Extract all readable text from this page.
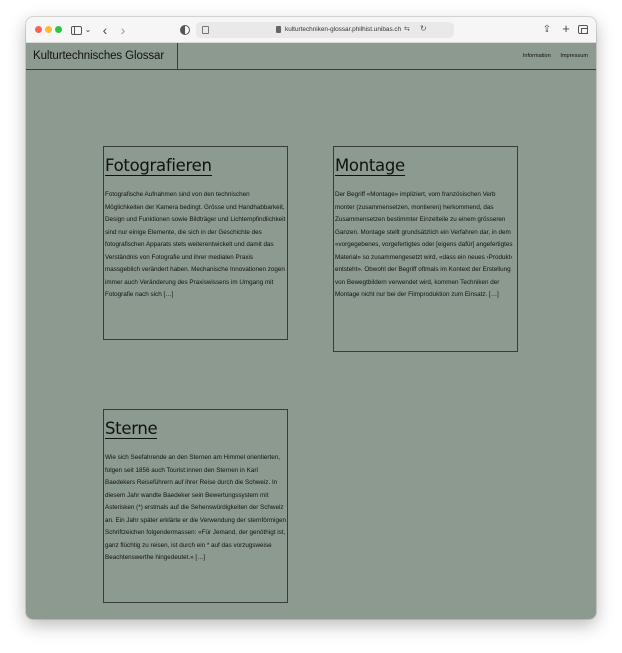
⌄ ‹ ›	kulturtechniken-glossar.philhist.unibas.ch ⇆ ↻	⇪ +
Kulturtechnisches Glossar	Information Impressum
Fotografieren

Fotografische Aufnahmen sind von den technischen Möglichkeiten der Kamera bedingt. Grösse und Handhabbarkeit, Design und Funktionen sowie Bildträger und Lichtempfindlichkeit sind nur einige Elemente, die sich in der Geschichte des fotografischen Apparats stets weiterentwickelt und damit das Verständnis von Fotografie und ihrer medialen Praxis massgeblich verändert haben. Mechanische Innovationen zogen immer auch Veränderung des Praxiswissens im Umgang mit Fotografie nach sich […]

Montage

Der Begriff «Montage» impliziert, vom französischen Verb monter (zusammensetzen, montieren) herkommend, das Zusammensetzen bestimmter Einzelteile zu einem grösseren Ganzen. Montage stellt grundsätzlich ein Verfahren dar, in dem «vorgegebenes, vorgefertigtes oder [eigens dafür] angefertigtes Material» so zusammengesetzt wird, «dass ein neues ‹Produkt› entsteht». Obwohl der Begriff oftmals im Kontext der Erstellung von Bewegtbildern verwendet wird, kommen Techniken der Montage nicht nur bei der Filmproduktion zum Einsatz. […]

Sterne

Wie sich Seefahrende an den Sternen am Himmel orientierten, folgen seit 1856 auch Tourist:innen den Sternen in Karl Baedekers Reiseführern auf ihrer Reise durch die Schweiz. In diesem Jahr wandte Baedeker sein Bewertungssystem mit Asterisken (*) erstmals auf die Sehenswürdigkeiten der Schweiz an. Ein Jahr später erklärte er die Verwendung der sternförmigen Schriftzeichen folgendermassen: «Für Jemand, der genöthigt ist, ganz flüchtig zu reisen, ist durch ein * auf das vorzugsweise Beachtenswerthe hingedeutet.» […]
